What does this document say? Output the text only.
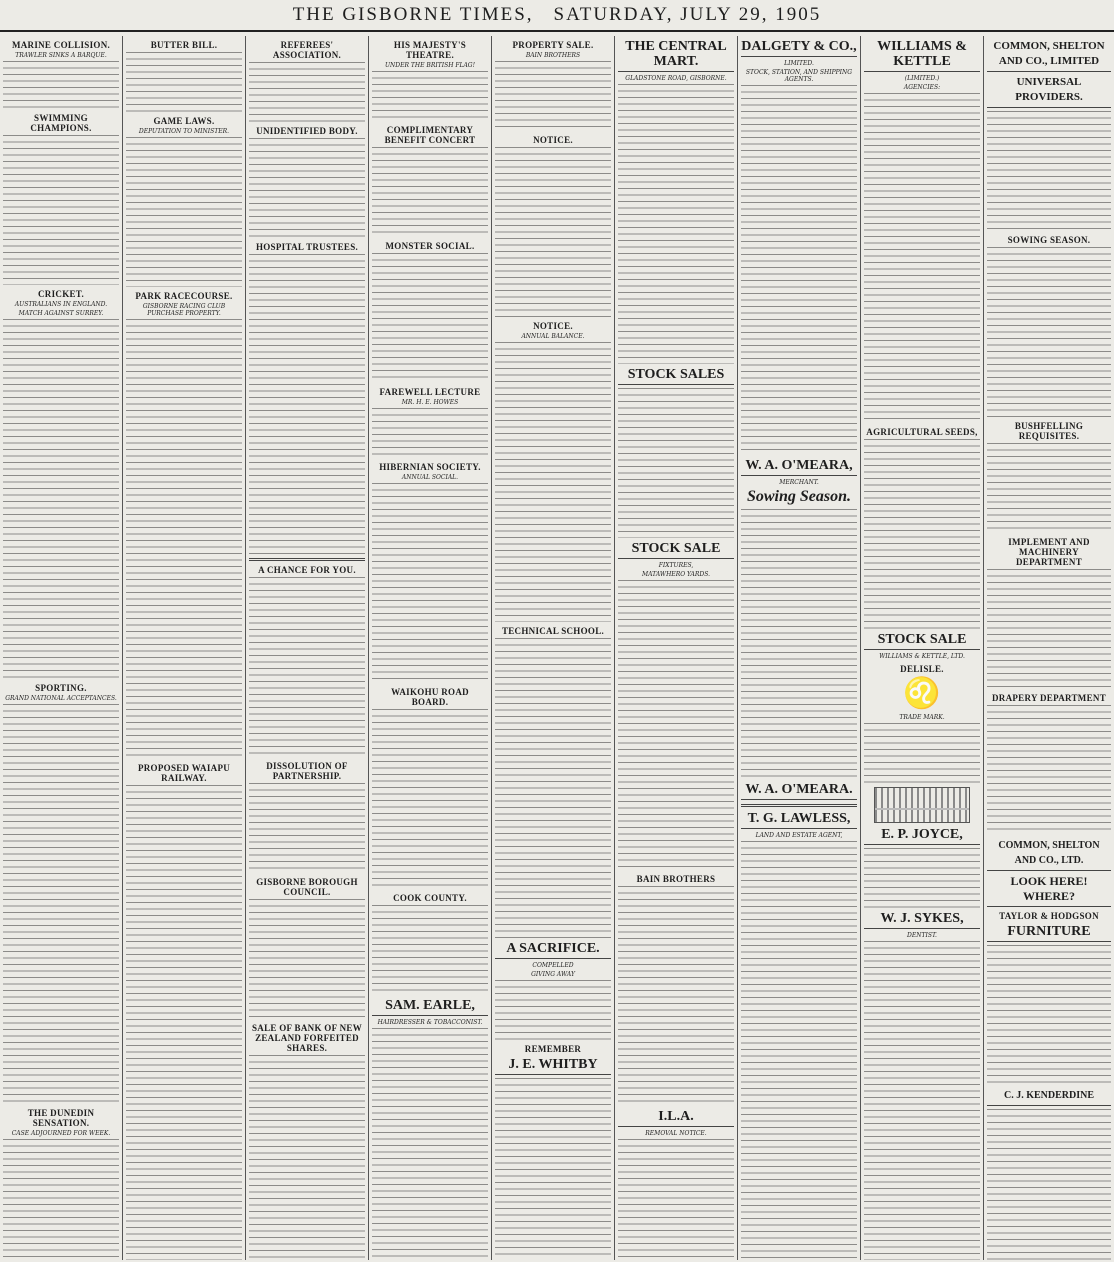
THE GISBORNE TIMES, SATURDAY, JULY 29, 1905
MARINE COLLISION.
TRAWLER SINKS A BARQUE.
SWIMMING CHAMPIONS.
CRICKET.
AUSTRALIANS IN ENGLAND.
MATCH AGAINST SURREY.
SPORTING.
GRAND NATIONAL ACCEPTANCES.
THE DUNEDIN SENSATION.
CASE ADJOURNED FOR WEEK.
BUTTER BILL.
GAME LAWS.
DEPUTATION TO MINISTER.
PARK RACECOURSE.
GISBORNE RACING CLUB PURCHASE PROPERTY.
PROPOSED WAIAPU RAILWAY.
REFEREES' ASSOCIATION.
UNIDENTIFIED BODY.
HOSPITAL TRUSTEES.
A CHANCE FOR YOU.
DISSOLUTION OF PARTNERSHIP.
GISBORNE BOROUGH COUNCIL.
SALE OF BANK OF NEW ZEALAND FORFEITED SHARES.
HIS MAJESTY'S THEATRE.
UNDER THE BRITISH FLAG!
COMPLIMENTARY BENEFIT CONCERT
MONSTER SOCIAL.
FAREWELL LECTURE
MR. H. E. HOWES
HIBERNIAN SOCIETY.
ANNUAL SOCIAL.
WAIKOHU ROAD BOARD.
COOK COUNTY.
SAM. EARLE,
HAIRDRESSER & TOBACCONIST.
PROPERTY SALE.
BAIN BROTHERS
NOTICE.
NOTICE.
ANNUAL BALANCE.
TECHNICAL SCHOOL.
A SACRIFICE.
COMPELLED
GIVING AWAY
REMEMBER
J. E. WHITBY
THE CENTRAL MART.
GLADSTONE ROAD, GISBORNE.
STOCK SALES
STOCK SALE
FIXTURES,
MATAWHERO YARDS.
BAIN BROTHERS
I.L.A.
REMOVAL NOTICE.
DALGETY & CO.,
LIMITED.
STOCK, STATION, AND SHIPPING AGENTS.
W. A. O'MEARA,
MERCHANT.
Sowing Season.
W. A. O'MEARA.
T. G. LAWLESS,
LAND AND ESTATE AGENT,
WILLIAMS & KETTLE
(LIMITED.)
AGENCIES:
AGRICULTURAL SEEDS,
STOCK SALE
WILLIAMS & KETTLE, LTD.
DELISLE.
♌
TRADE MARK.
E. P. JOYCE,
W. J. SYKES,
DENTIST.
COMMON, SHELTON AND CO., LIMITED
UNIVERSAL PROVIDERS.
SOWING SEASON.
BUSHFELLING REQUISITES.
IMPLEMENT AND MACHINERY DEPARTMENT
DRAPERY DEPARTMENT
COMMON, SHELTON AND CO., LTD.
LOOK HERE! WHERE?
TAYLOR & HODGSON
FURNITURE
C. J. KENDERDINE
